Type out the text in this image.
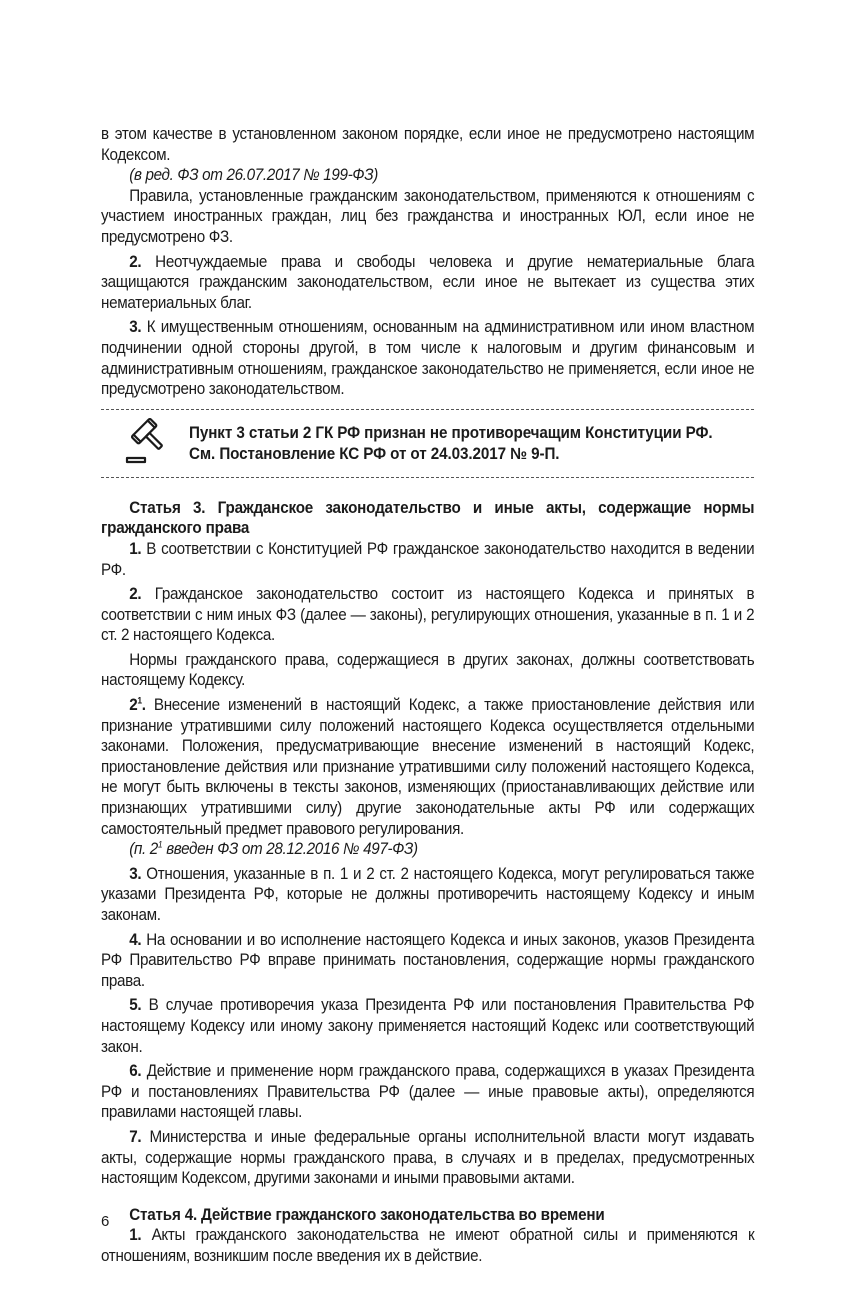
в этом качестве в установленном законом порядке, если иное не предусмотрено настоящим Кодексом.

(в ред. ФЗ от 26.07.2017 № 199-ФЗ)

Правила, установленные гражданским законодательством, применяются к отношениям с участием иностранных граждан, лиц без гражданства и иностранных ЮЛ, если иное не предусмотрено ФЗ.

2. Неотчуждаемые права и свободы человека и другие нематериальные блага защищаются гражданским законодательством, если иное не вытекает из существа этих нематериальных благ.

3. К имущественным отношениям, основанным на административном или ином властном подчинении одной стороны другой, в том числе к налоговым и другим финансовым и административным отношениям, гражданское законодательство не применяется, если иное не предусмотрено законодательством.

Пункт 3 статьи 2 ГК РФ признан не противоречащим Конституции РФ.
См. Постановление КС РФ от от 24.03.2017 № 9-П.

Статья 3. Гражданское законодательство и иные акты, содержащие нормы гражданского права

1. В соответствии с Конституцией РФ гражданское законодательство находится в ведении РФ.

2. Гражданское законодательство состоит из настоящего Кодекса и принятых в соответствии с ним иных ФЗ (далее — законы), регулирующих отношения, указанные в п. 1 и 2 ст. 2 настоящего Кодекса.

Нормы гражданского права, содержащиеся в других законах, должны соответствовать настоящему Кодексу.

$2^1$. Внесение изменений в настоящий Кодекс, а также приостановление действия или признание утратившими силу положений настоящего Кодекса осуществляется отдельными законами. Положения, предусматривающие внесение изменений в настоящий Кодекс, приостановление действия или признание утратившими силу положений настоящего Кодекса, не могут быть включены в тексты законов, изменяющих (приостанавливающих действие или признающих утратившими силу) другие законодательные акты РФ или содержащих самостоятельный предмет правового регулирования.

(п. $2^1$ введен ФЗ от 28.12.2016 № 497-ФЗ)

3. Отношения, указанные в п. 1 и 2 ст. 2 настоящего Кодекса, могут регулироваться также указами Президента РФ, которые не должны противоречить настоящему Кодексу и иным законам.

4. На основании и во исполнение настоящего Кодекса и иных законов, указов Президента РФ Правительство РФ вправе принимать постановления, содержащие нормы гражданского права.

5. В случае противоречия указа Президента РФ или постановления Правительства РФ настоящему Кодексу или иному закону применяется настоящий Кодекс или соответствующий закон.

6. Действие и применение норм гражданского права, содержащихся в указах Президента РФ и постановлениях Правительства РФ (далее — иные правовые акты), определяются правилами настоящей главы.

7. Министерства и иные федеральные органы исполнительной власти могут издавать акты, содержащие нормы гражданского права, в случаях и в пределах, предусмотренных настоящим Кодексом, другими законами и иными правовыми актами.

Статья 4. Действие гражданского законодательства во времени

1. Акты гражданского законодательства не имеют обратной силы и применяются к отношениям, возникшим после введения их в действие.

6
